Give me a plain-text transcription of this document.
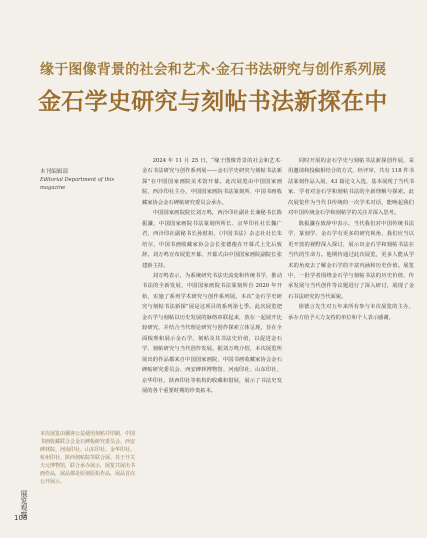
缘于图像背景的社会和艺术·金石书法研究与创作系列展
金石学史研究与刻帖书法新探在中
本刊编辑部
Editorial Department of this
magazine
本次展览由播客公益使用刻帖并印刷、中国书画收藏联合会金石碑板研究委员会、西安碑林院、河南印社、山东印社、金华印社、杭州印社、陕西刻帖院等联合展、苏于开关天元博物馆，联合承办展示，展览共展出书画作品，展品都是原刻原拓作品，展品首次公开展示。
展览观察
108

2024 年 11 月 25 日，“缘于图像背景的社会和艺术·金石书法研究与创作系列展——金石学史研究与刻帖书法新探”在中国国家画院美术馆开幕。此次展览由中国国家画院、西泠印社主办，中国国家画院书法篆刻所、中国书画收藏家协会金石碑帖研究委员会承办。

中国国家画院院长刘万鸣，西泠印社副社长兼秘书长陈振濂，中国国家画院书法篆刻所所长、京华印社社长魏广君，西泠印社副秘书长孙慰祖，《中国书法》杂志社社长朱培尔，中国书画收藏家协会会长张德俊在开幕式上先后致辞。刘万鸣宣布展览开幕。开幕式由中国国家画院副院长张建新主持。

刘万鸣表示，为系统研究书法史流变和传统书学，推动书法的全新发展，中国国家画院书法篆刻所自 2020 年开始，实施了系列学术研究与创作系列展。本次“金石学史研究与刻帖书法新探”展是这项目的系列第七季。此次展览把金石学与刻帖以历史发展的脉络串联起来，放在一起展开比较研究，并结合当代理论研究与创作探索立体呈现，旨在全面梳理和展示金石学、刻帖及其书法史价值，以促进金石学、刻帖研究与当代创作发展。据刘万鸣介绍，本次展览所展出的作品都来自中国国家画院、中国书画收藏家协会金石碑帖研究委员会、西安碑林博物馆、河南印社、山东印社、京华印社、陕西印社等机构的收藏和借展，展示了书法史发展的各个重要时期的珍贵拓本。

同时开展的金石学史与刻帖书法新探创作展，采用邀请和投稿相结合的方式，经评审，共有 118 件书法篆刻作品入展，43 篇论文入选，基本展现了当代书家、学者对金石学和刻帖书法的全新理解与探索。此次展览作为当代书传统的一次学术对话，能唤起我们对中国传统金石学和刻帖学的关注并深入思考。

陈振濂在致辞中表示，当代我们对中国传统书法学、篆刻学、金石学有更多的研究视角，我们应当以更开放的视野深入探讨，展示出金石学和刻帖书法在当代的生命力。他期待通过此次展览，更多人能从学术的角度去了解金石学的丰富内涵和历史价值。展览中，一批学者围绕金石学与刻帖书法的历史价值、传承发展与当代创作等议题进行了深入研讨，展现了金石书法研究的当代面貌。

徐德言先生对五年来所有参与本次展览的主办、承办方给予大力支持的单位和个人表示感谢。
